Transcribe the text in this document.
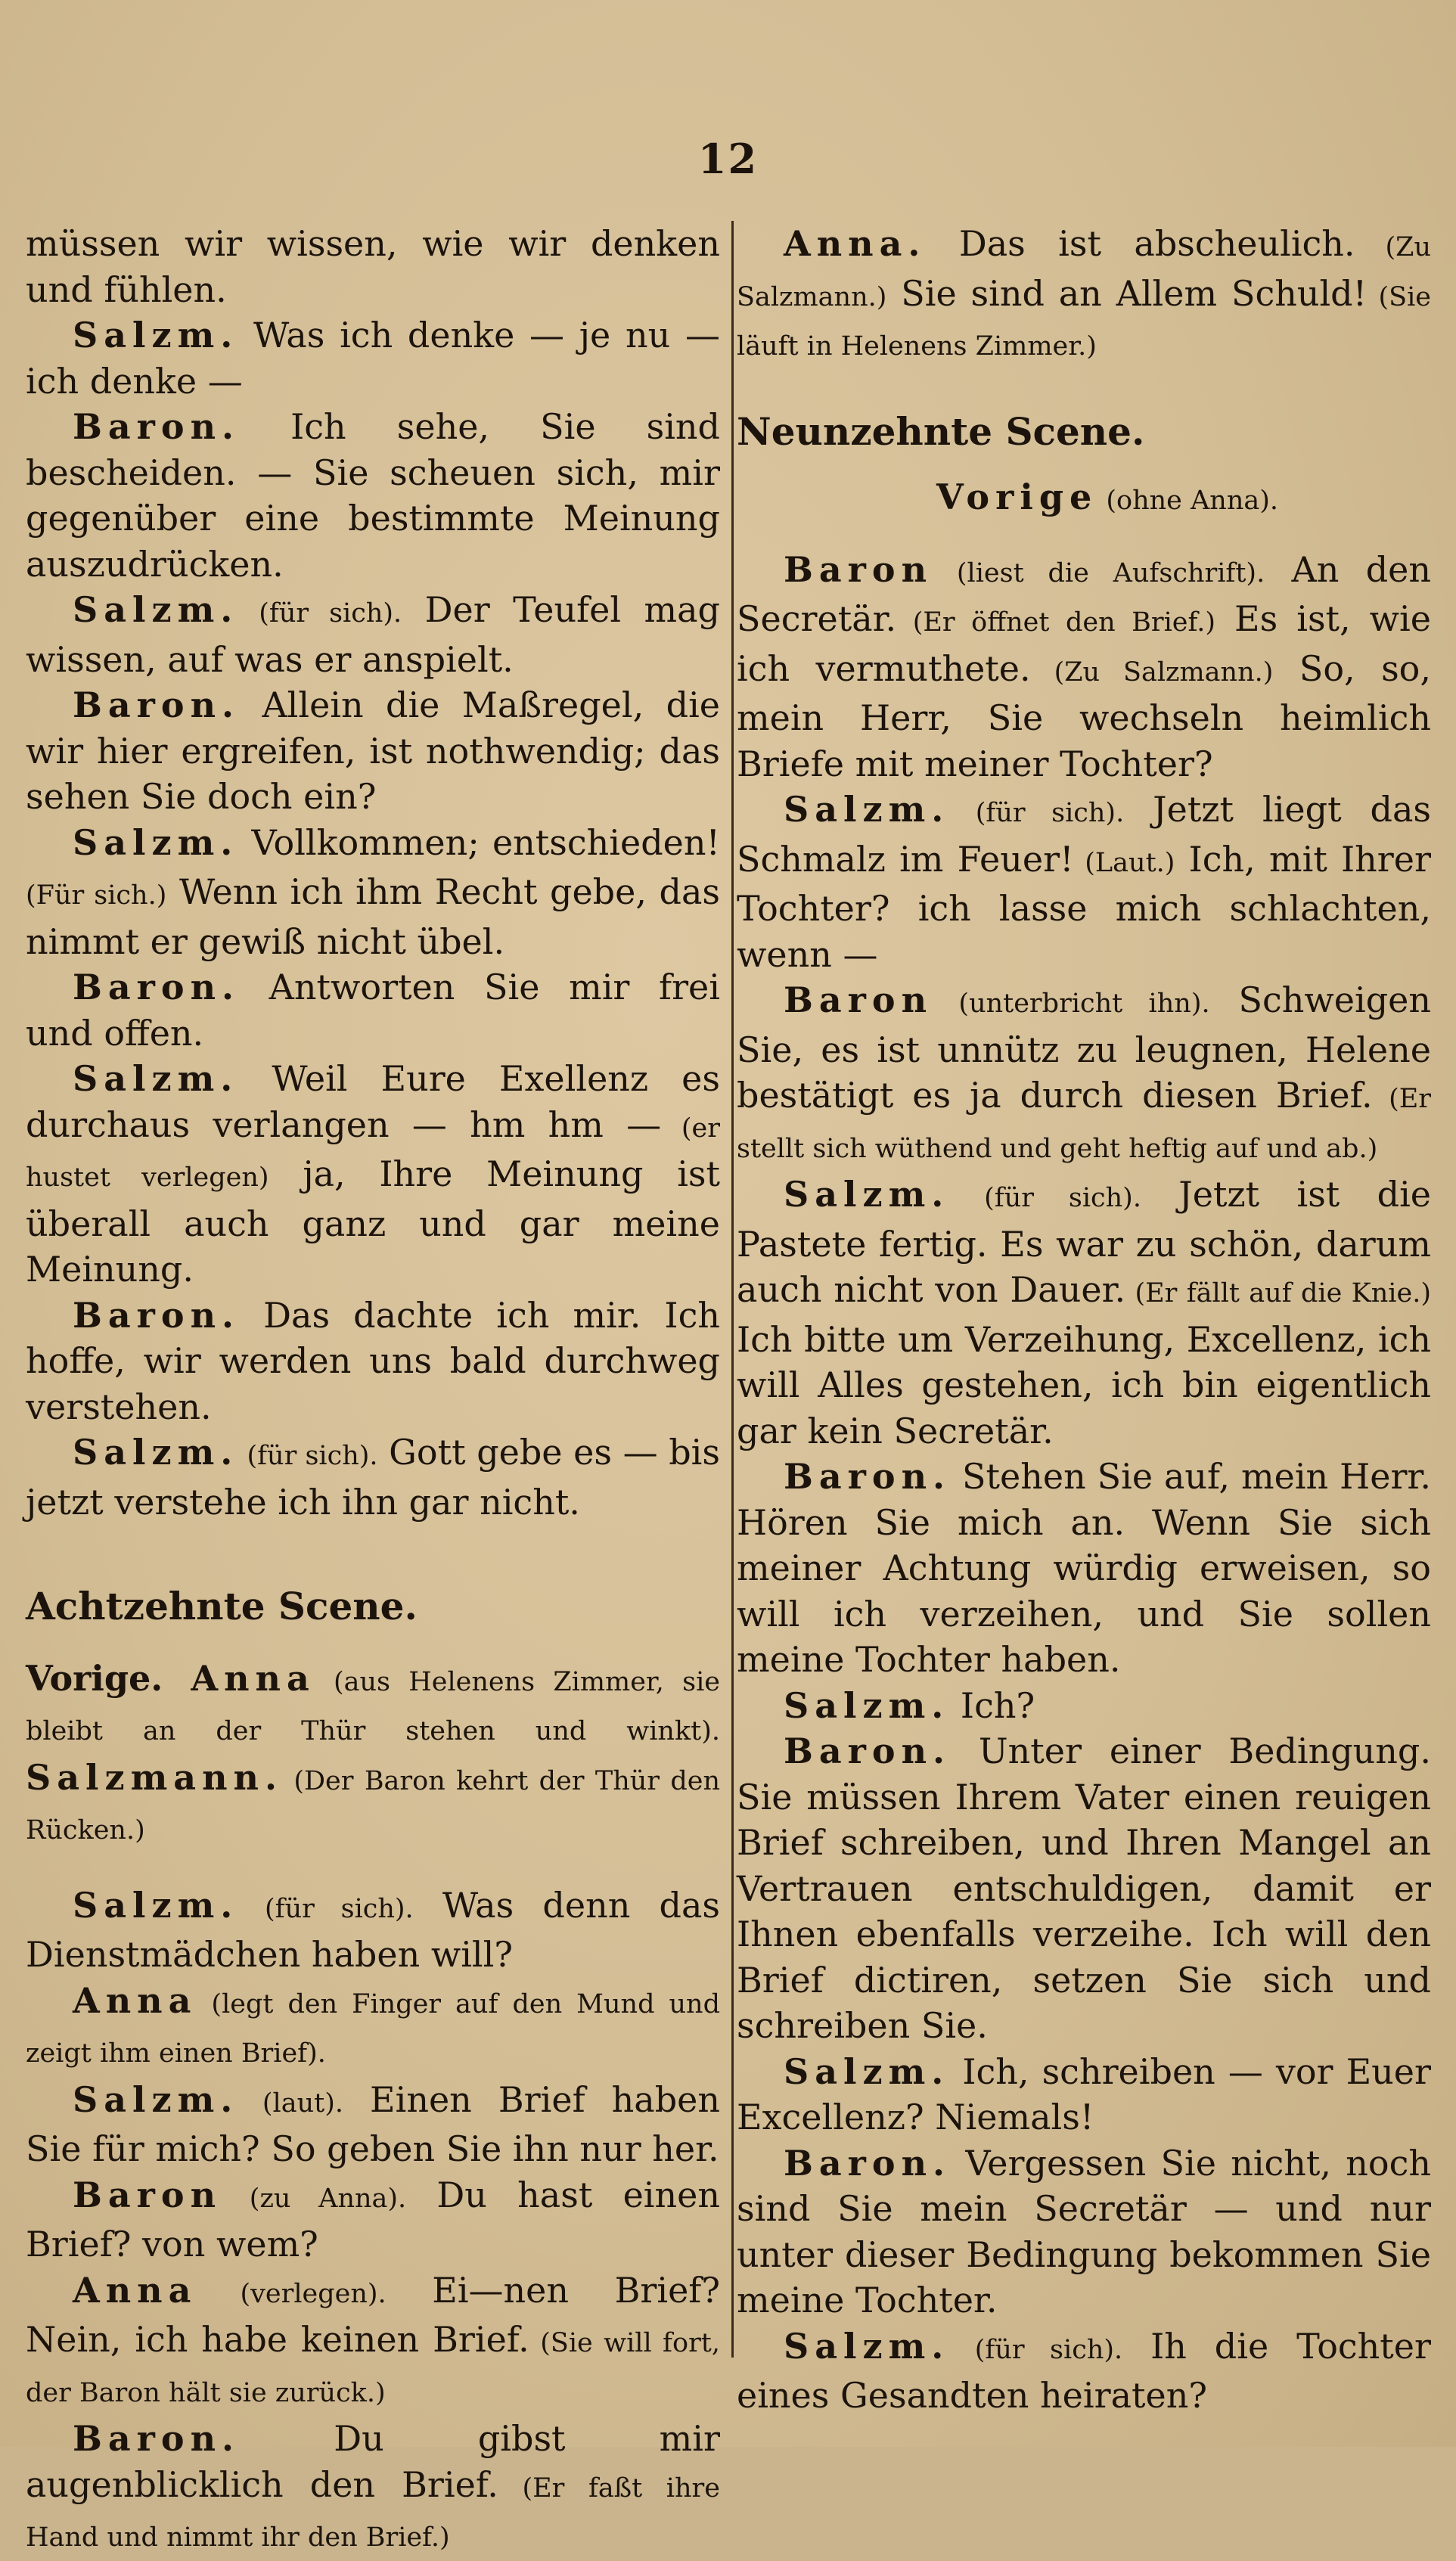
12

müssen wir wissen, wie wir denken und fühlen.

Salzm. Was ich denke — je nu — ich denke —

Baron. Ich sehe, Sie sind bescheiden. — Sie scheuen sich, mir gegenüber eine bestimmte Meinung auszudrücken.

Salzm. (für sich). Der Teufel mag wissen, auf was er anspielt.

Baron. Allein die Maßregel, die wir hier ergreifen, ist nothwendig; das sehen Sie doch ein?

Salzm. Vollkommen; entschieden! (Für sich.) Wenn ich ihm Recht gebe, das nimmt er gewiß nicht übel.

Baron. Antworten Sie mir frei und offen.

Salzm. Weil Eure Exellenz es durchaus verlangen — hm hm — (er hustet verlegen) ja, Ihre Meinung ist überall auch ganz und gar meine Meinung.

Baron. Das dachte ich mir. Ich hoffe, wir werden uns bald durchweg verstehen.

Salzm. (für sich). Gott gebe es — bis jetzt verstehe ich ihn gar nicht.

Achtzehnte Scene.

Vorige. Anna (aus Helenens Zimmer, sie bleibt an der Thür stehen und winkt). Salzmann. (Der Baron kehrt der Thür den Rücken.)

Salzm. (für sich). Was denn das Dienstmädchen haben will?

Anna (legt den Finger auf den Mund und zeigt ihm einen Brief).

Salzm. (laut). Einen Brief haben Sie für mich? So geben Sie ihn nur her.

Baron (zu Anna). Du hast einen Brief? von wem?

Anna (verlegen). Ei—nen Brief? Nein, ich habe keinen Brief. (Sie will fort, der Baron hält sie zurück.)

Baron. Du gibst mir augenblicklich den Brief. (Er faßt ihre Hand und nimmt ihr den Brief.)

Anna. Das ist abscheulich. (Zu Salzmann.) Sie sind an Allem Schuld! (Sie läuft in Helenens Zimmer.)

Neunzehnte Scene.

Vorige (ohne Anna).

Baron (liest die Aufschrift). An den Secretär. (Er öffnet den Brief.) Es ist, wie ich vermuthete. (Zu Salzmann.) So, so, mein Herr, Sie wechseln heimlich Briefe mit meiner Tochter?

Salzm. (für sich). Jetzt liegt das Schmalz im Feuer! (Laut.) Ich, mit Ihrer Tochter? ich lasse mich schlachten, wenn —

Baron (unterbricht ihn). Schweigen Sie, es ist unnütz zu leugnen, Helene bestätigt es ja durch diesen Brief. (Er stellt sich wüthend und geht heftig auf und ab.)

Salzm. (für sich). Jetzt ist die Pastete fertig. Es war zu schön, darum auch nicht von Dauer. (Er fällt auf die Knie.) Ich bitte um Verzeihung, Excellenz, ich will Alles gestehen, ich bin eigentlich gar kein Secretär.

Baron. Stehen Sie auf, mein Herr. Hören Sie mich an. Wenn Sie sich meiner Achtung würdig erweisen, so will ich verzeihen, und Sie sollen meine Tochter haben.

Salzm. Ich?

Baron. Unter einer Bedingung. Sie müssen Ihrem Vater einen reuigen Brief schreiben, und Ihren Mangel an Vertrauen entschuldigen, damit er Ihnen ebenfalls verzeihe. Ich will den Brief dictiren, setzen Sie sich und schreiben Sie.

Salzm. Ich, schreiben — vor Euer Excellenz? Niemals!

Baron. Vergessen Sie nicht, noch sind Sie mein Secretär — und nur unter dieser Bedingung bekommen Sie meine Tochter.

Salzm. (für sich). Ih die Tochter eines Gesandten heiraten?
